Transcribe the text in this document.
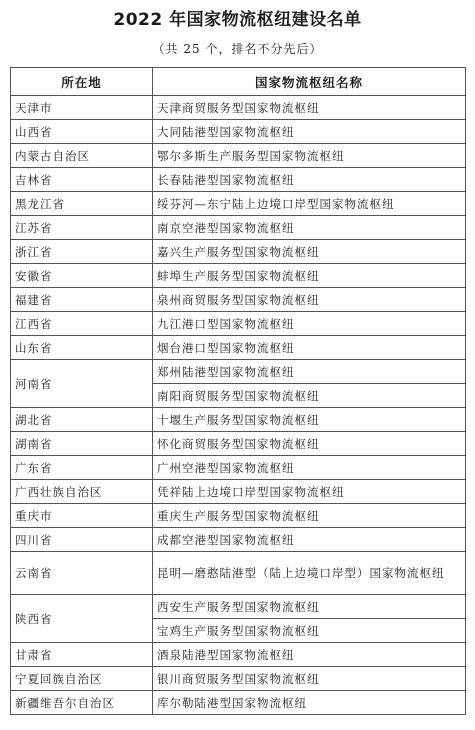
2022 年国家物流枢纽建设名单
（共 25 个，排名不分先后）
所在地	国家物流枢纽名称
天津市	天津商贸服务型国家物流枢纽
山西省	大同陆港型国家物流枢纽
内蒙古自治区	鄂尔多斯生产服务型国家物流枢纽
吉林省	长春陆港型国家物流枢纽
黑龙江省	绥芬河—东宁陆上边境口岸型国家物流枢纽
江苏省	南京空港型国家物流枢纽
浙江省	嘉兴生产服务型国家物流枢纽
安徽省	蚌埠生产服务型国家物流枢纽
福建省	泉州商贸服务型国家物流枢纽
江西省	九江港口型国家物流枢纽
山东省	烟台港口型国家物流枢纽
河南省	郑州陆港型国家物流枢纽
	南阳商贸服务型国家物流枢纽
湖北省	十堰生产服务型国家物流枢纽
湖南省	怀化商贸服务型国家物流枢纽
广东省	广州空港型国家物流枢纽
广西壮族自治区	凭祥陆上边境口岸型国家物流枢纽
重庆市	重庆生产服务型国家物流枢纽
四川省	成都空港型国家物流枢纽
云南省	昆明—磨憨陆港型（陆上边境口岸型）国家物流枢纽
陕西省	西安生产服务型国家物流枢纽
	宝鸡生产服务型国家物流枢纽
甘肃省	酒泉陆港型国家物流枢纽
宁夏回族自治区	银川商贸服务型国家物流枢纽
新疆维吾尔自治区	库尔勒陆港型国家物流枢纽
